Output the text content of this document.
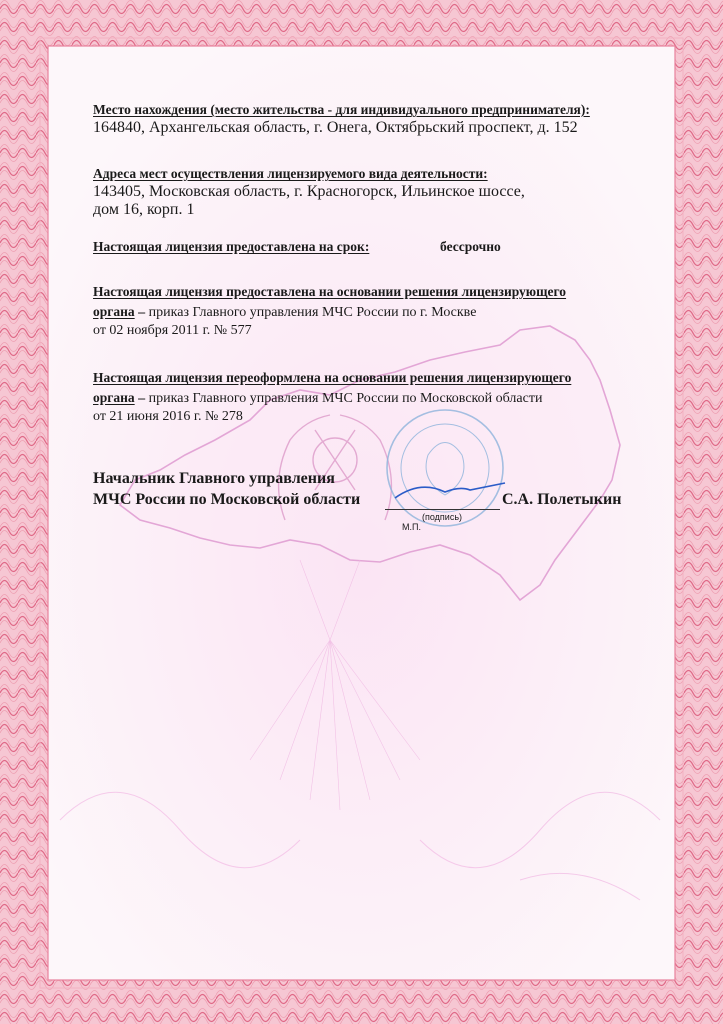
Место нахождения (место жительства - для индивидуального предпринимателя):
164840, Архангельская область, г. Онега, Октябрьский проспект, д. 152
Адреса мест осуществления лицензируемого вида деятельности:
143405, Московская область, г. Красногорск, Ильинское шоссе,
дом 16, корп. 1
Настоящая лицензия предоставлена на срок:	бессрочно
Настоящая лицензия предоставлена на основании решения лицензирующего
органа – приказ Главного управления МЧС России по г. Москве
от 02 ноября 2011 г. № 577
Настоящая лицензия переоформлена на основании решения лицензирующего
органа – приказ Главного управления МЧС России по Московской области
от 21 июня 2016 г. № 278
Начальник Главного управления
МЧС России по Московской области	С.А. Полетыкин
(подпись)
М.П.
